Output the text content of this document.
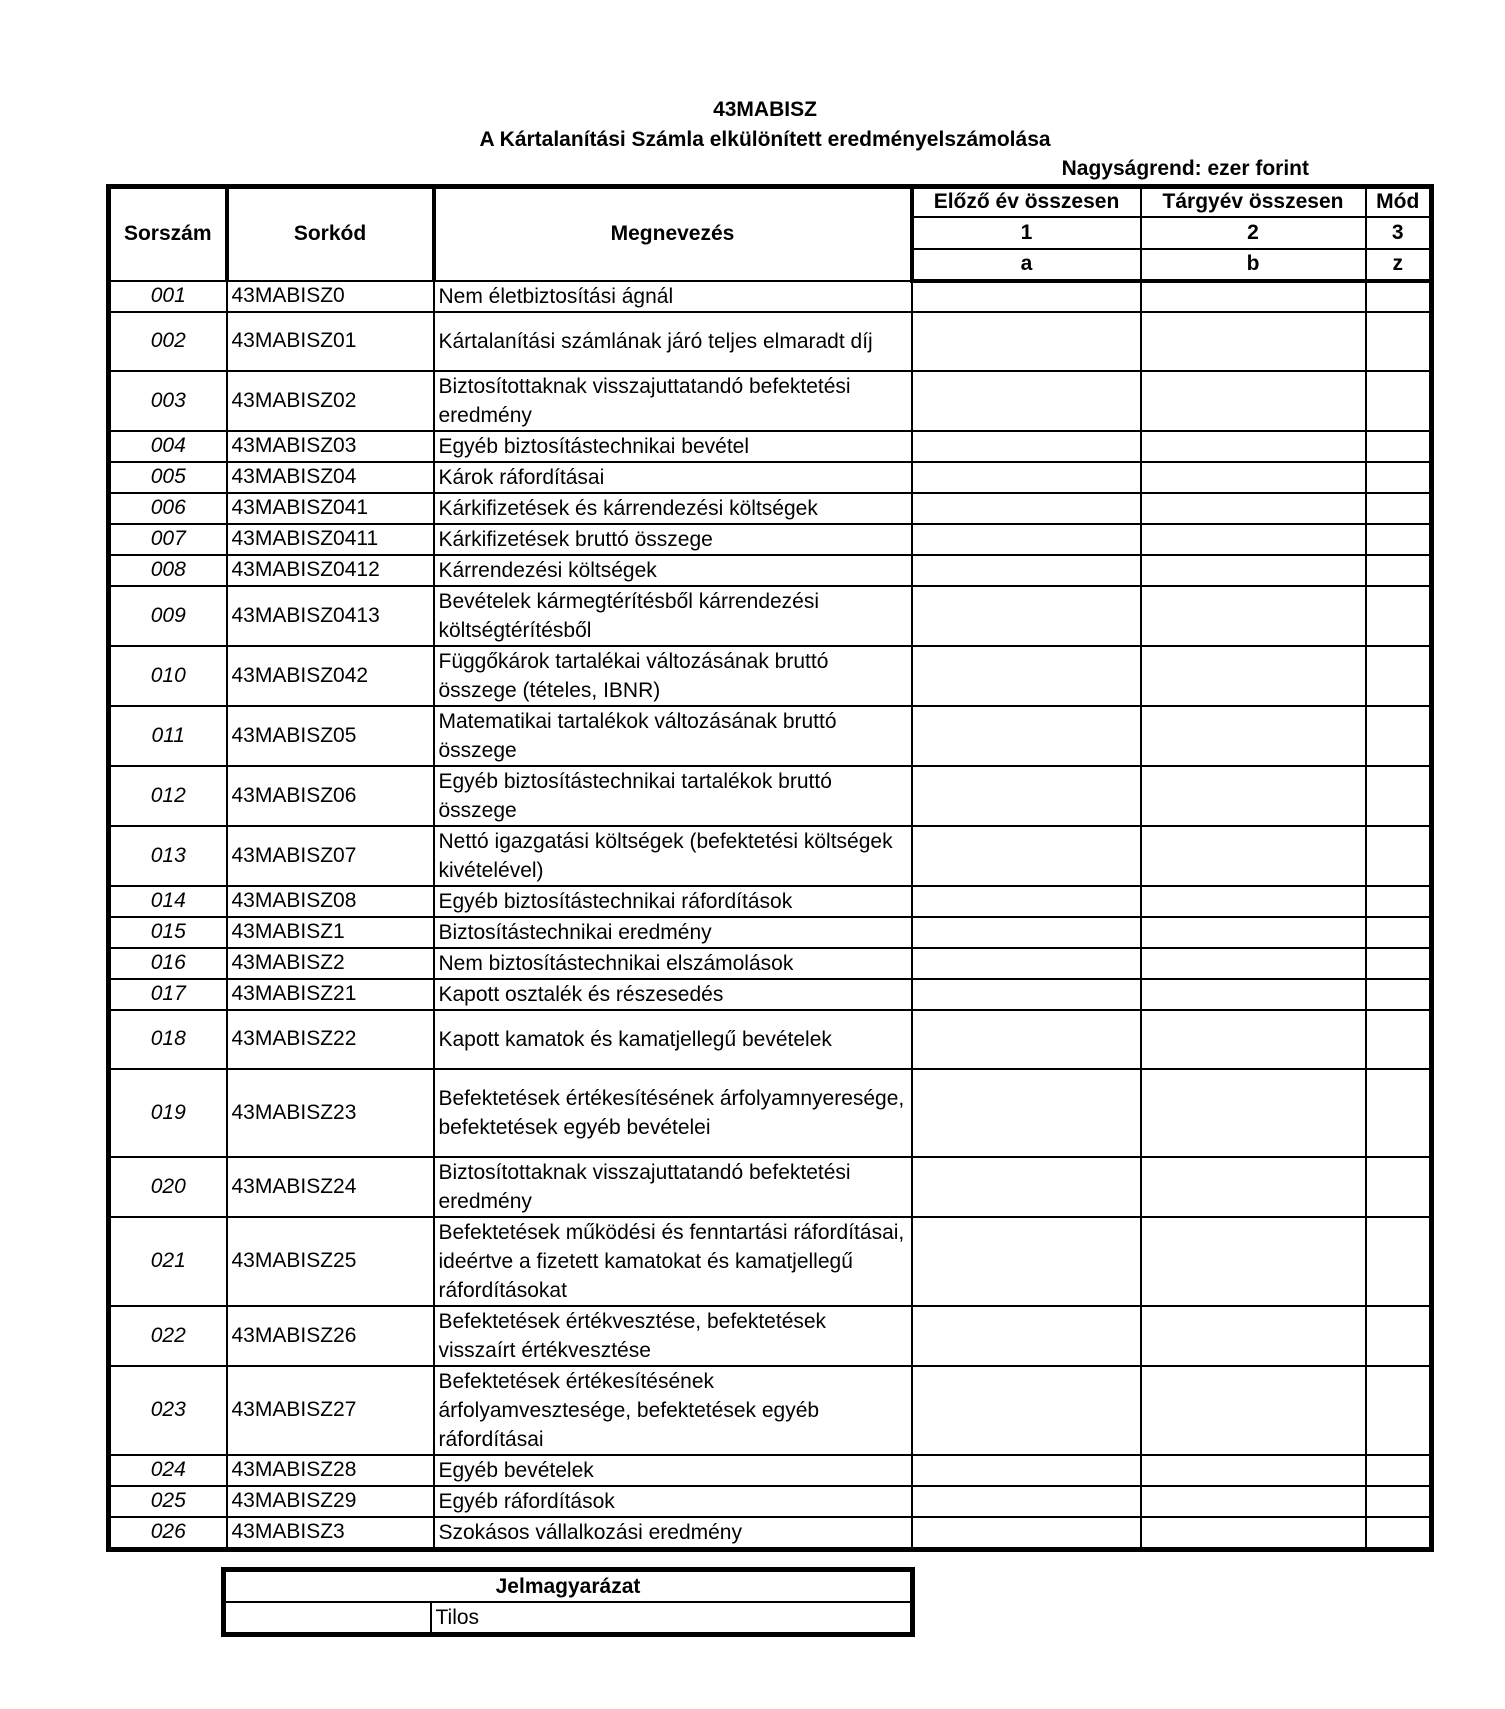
43MABISZ
A Kártalanítási Számla elkülönített eredményelszámolása
Nagyságrend: ezer forint
Sorszám	Sorkód	Megnevezés	Előző év összesen	Tárgyév összesen	Mód
			1	2	3
			a	b	z
001	43MABISZ0	Nem életbiztosítási ágnál			
002	43MABISZ01	Kártalanítási számlának járó teljes elmaradt díj			
003	43MABISZ02	Biztosítottaknak visszajuttatandó befektetési eredmény			
004	43MABISZ03	Egyéb biztosítástechnikai bevétel			
005	43MABISZ04	Károk ráfordításai			
006	43MABISZ041	Kárkifizetések és kárrendezési költségek			
007	43MABISZ0411	Kárkifizetések bruttó összege			
008	43MABISZ0412	Kárrendezési költségek			
009	43MABISZ0413	Bevételek kármegtérítésből kárrendezési költségtérítésből			
010	43MABISZ042	Függőkárok tartalékai változásának bruttó összege (tételes, IBNR)			
011	43MABISZ05	Matematikai tartalékok változásának bruttó összege			
012	43MABISZ06	Egyéb biztosítástechnikai tartalékok bruttó összege			
013	43MABISZ07	Nettó igazgatási költségek (befektetési költségek kivételével)			
014	43MABISZ08	Egyéb biztosítástechnikai ráfordítások			
015	43MABISZ1	Biztosítástechnikai eredmény			
016	43MABISZ2	Nem biztosítástechnikai elszámolások			
017	43MABISZ21	Kapott osztalék és részesedés			
018	43MABISZ22	Kapott kamatok és kamatjellegű bevételek			
019	43MABISZ23	Befektetések értékesítésének árfolyamnyeresége, befektetések egyéb bevételei			
020	43MABISZ24	Biztosítottaknak visszajuttatandó befektetési eredmény			
021	43MABISZ25	Befektetések működési és fenntartási ráfordításai, ideértve a fizetett kamatokat és kamatjellegű ráfordításokat			
022	43MABISZ26	Befektetések értékvesztése, befektetések visszaírt értékvesztése			
023	43MABISZ27	Befektetések értékesítésének árfolyamvesztesége, befektetések egyéb ráfordításai			
024	43MABISZ28	Egyéb bevételek			
025	43MABISZ29	Egyéb ráfordítások			
026	43MABISZ3	Szokásos vállalkozási eredmény			
Jelmagyarázat
	Tilos
